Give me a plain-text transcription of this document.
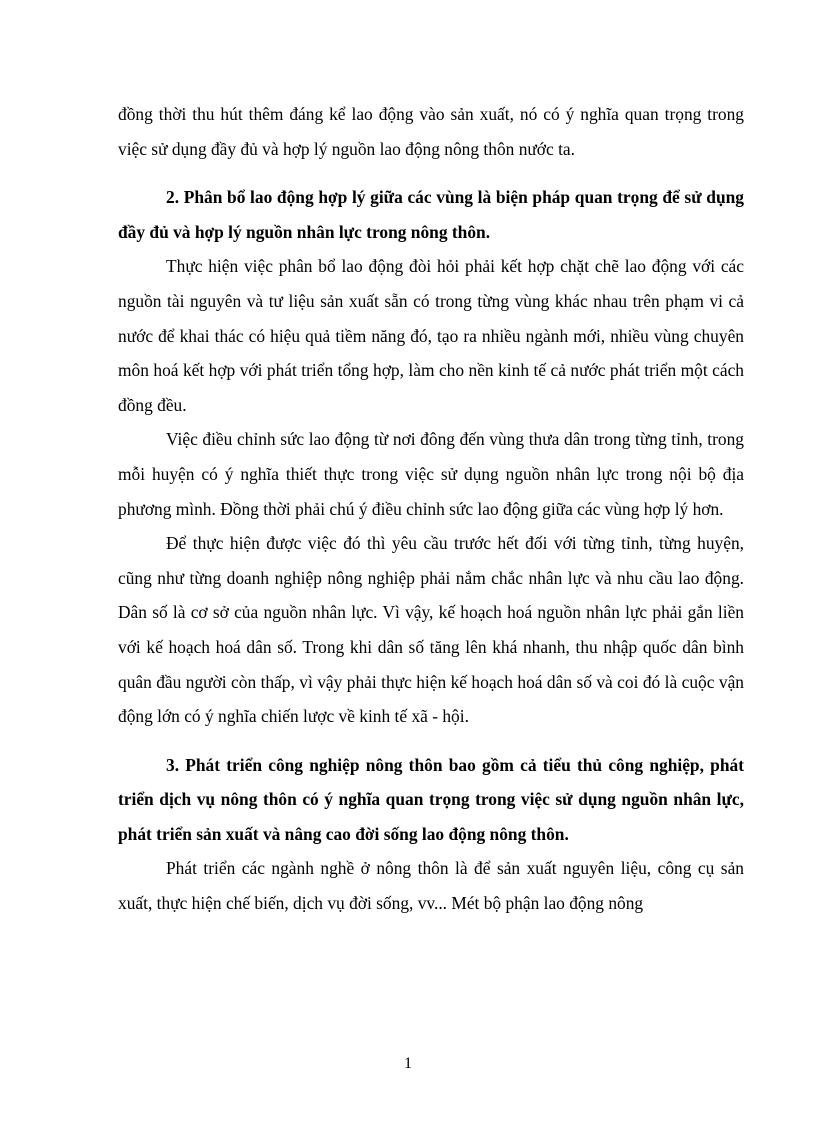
đồng thời thu hút thêm đáng kể lao động vào sản xuất, nó có ý nghĩa quan trọng trong việc sử dụng đầy đủ và hợp lý nguồn lao động nông thôn nước ta.

2. Phân bổ lao động hợp lý giữa các vùng là biện pháp quan trọng để sử dụng đầy đủ và hợp lý nguồn nhân lực trong nông thôn.

Thực hiện việc phân bổ lao động đòi hỏi phải kết hợp chặt chẽ lao động với các nguồn tài nguyên và tư liệu sản xuất sẵn có trong từng vùng khác nhau trên phạm vi cả nước để khai thác có hiệu quả tiềm năng đó, tạo ra nhiều ngành mới, nhiều vùng chuyên môn hoá kết hợp với phát triển tổng hợp, làm cho nền kinh tế cả nước phát triển một cách đồng đều.

Việc điều chỉnh sức lao động từ nơi đông đến vùng thưa dân trong từng tỉnh, trong mỗi huyện có ý nghĩa thiết thực trong việc sử dụng nguồn nhân lực trong nội bộ địa phương mình. Đồng thời phải chú ý điều chỉnh sức lao động giữa các vùng hợp lý hơn.

Để thực hiện được việc đó thì yêu cầu trước hết đối với từng tỉnh, từng huyện, cũng như từng doanh nghiệp nông nghiệp phải nắm chắc nhân lực và nhu cầu lao động. Dân số là cơ sở của nguồn nhân lực. Vì vậy, kế hoạch hoá nguồn nhân lực phải gắn liền với kế hoạch hoá dân số. Trong khi dân số tăng lên khá nhanh, thu nhập quốc dân bình quân đầu người còn thấp, vì vậy phải thực hiện kế hoạch hoá dân số và coi đó là cuộc vận động lớn có ý nghĩa chiến lược về kinh tế xã - hội.

3. Phát triển công nghiệp nông thôn bao gồm cả tiểu thủ công nghiệp, phát triển dịch vụ nông thôn có ý nghĩa quan trọng trong việc sử dụng nguồn nhân lực, phát triển sản xuất và nâng cao đời sống lao động nông thôn.

Phát triển các ngành nghề ở nông thôn là để sản xuất nguyên liệu, công cụ sản xuất, thực hiện chế biến, dịch vụ đời sống, vv... Mét bộ phận lao động nông

1
